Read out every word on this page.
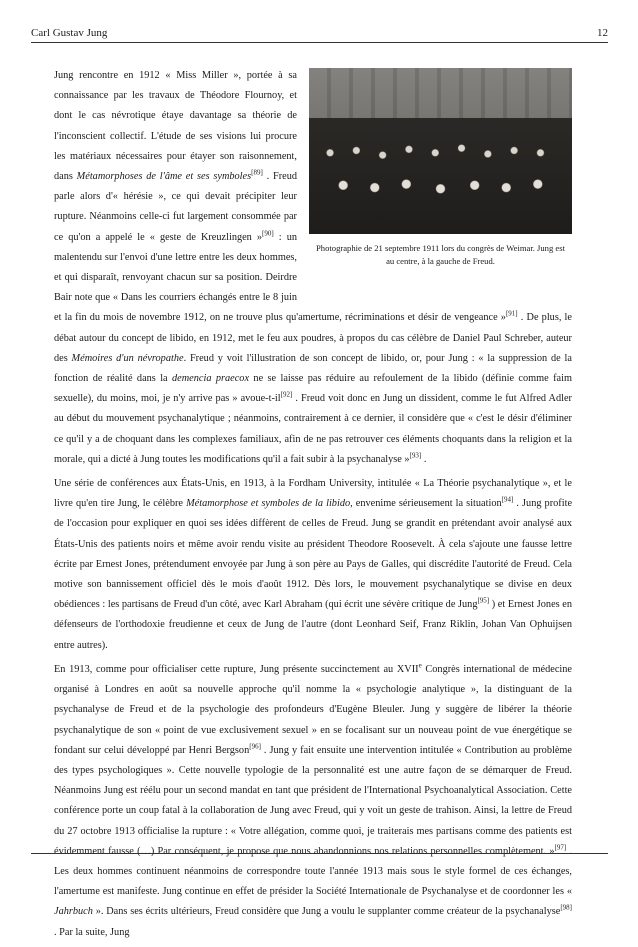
Carl Gustav Jung	12
Photographie de 21 septembre 1911 lors du congrès de Weimar. Jung est au centre, à la gauche de Freud.

Jung rencontre en 1912 « Miss Miller », portée à sa connaissance par les travaux de Théodore Flournoy, et dont le cas névrotique étaye davantage sa théorie de l'inconscient collectif. L'étude de ses visions lui procure les matériaux nécessaires pour étayer son raisonnement, dans Métamorphoses de l'âme et ses symboles[89] . Freud parle alors d'« hérésie », ce qui devait précipiter leur rupture. Néanmoins celle-ci fut largement consommée par ce qu'on a appelé le « geste de Kreuzlingen »[90] : un malentendu sur l'envoi d'une lettre entre les deux hommes, et qui disparaît, renvoyant chacun sur sa position. Deirdre Bair note que « Dans les courriers échangés entre le 8 juin et la fin du mois de novembre 1912, on ne trouve plus qu'amertume, récriminations et désir de vengeance »[91] . De plus, le débat autour du concept de libido, en 1912, met le feu aux poudres, à propos du cas célèbre de Daniel Paul Schreber, auteur des Mémoires d'un névropathe. Freud y voit l'illustration de son concept de libido, or, pour Jung : « la suppression de la fonction de réalité dans la demencia praecox ne se laisse pas réduire au refoulement de la libido (définie comme faim sexuelle), du moins, moi, je n'y arrive pas » avoue-t-il[92] . Freud voit donc en Jung un dissident, comme le fut Alfred Adler au début du mouvement psychanalytique ; néanmoins, contrairement à ce dernier, il considère que « c'est le désir d'éliminer ce qu'il y a de choquant dans les complexes familiaux, afin de ne pas retrouver ces éléments choquants dans la religion et la morale, qui a dicté à Jung toutes les modifications qu'il a fait subir à la psychanalyse »[93] .

Une série de conférences aux États-Unis, en 1913, à la Fordham University, intitulée « La Théorie psychanalytique », et le livre qu'en tire Jung, le célèbre Métamorphose et symboles de la libido, envenime sérieusement la situation[94] . Jung profite de l'occasion pour expliquer en quoi ses idées diffèrent de celles de Freud. Jung se grandit en prétendant avoir analysé aux États-Unis des patients noirs et même avoir rendu visite au président Theodore Roosevelt. À cela s'ajoute une fausse lettre écrite par Ernest Jones, prétendument envoyée par Jung à son père au Pays de Galles, qui discrédite l'autorité de Freud. Cela motive son bannissement officiel dès le mois d'août 1912. Dès lors, le mouvement psychanalytique se divise en deux obédiences : les partisans de Freud d'un côté, avec Karl Abraham (qui écrit une sévère critique de Jung[95] ) et Ernest Jones en défenseurs de l'orthodoxie freudienne et ceux de Jung de l'autre (dont Leonhard Seif, Franz Riklin, Johan Van Ophuijsen entre autres).

En 1913, comme pour officialiser cette rupture, Jung présente succinctement au XVIIe Congrès international de médecine organisé à Londres en août sa nouvelle approche qu'il nomme la « psychologie analytique », la distinguant de la psychanalyse de Freud et de la psychologie des profondeurs d'Eugène Bleuler. Jung y suggère de libérer la théorie psychanalytique de son « point de vue exclusivement sexuel » en se focalisant sur un nouveau point de vue énergétique se fondant sur celui développé par Henri Bergson[96] . Jung y fait ensuite une intervention intitulée « Contribution au problème des types psychologiques ». Cette nouvelle typologie de la personnalité est une autre façon de se démarquer de Freud. Néanmoins Jung est réélu pour un second mandat en tant que président de l'International Psychoanalytical Association. Cette conférence porte un coup fatal à la collaboration de Jung avec Freud, qui y voit un geste de trahison. Ainsi, la lettre de Freud du 27 octobre 1913 officialise la rupture : « Votre allégation, comme quoi, je traiterais mes partisans comme des patients est évidemment fausse (…) Par conséquent, je propose que nous abandonnions nos relations personnelles complètement. »[97] . Les deux hommes continuent néanmoins de correspondre toute l'année 1913 mais sous le style formel de ces échanges, l'amertume est manifeste. Jung continue en effet de présider la Société Internationale de Psychanalyse et de coordonner les « Jahrbuch ». Dans ses écrits ultérieurs, Freud considère que Jung a voulu le supplanter comme créateur de la psychanalyse[98] . Par la suite, Jung
